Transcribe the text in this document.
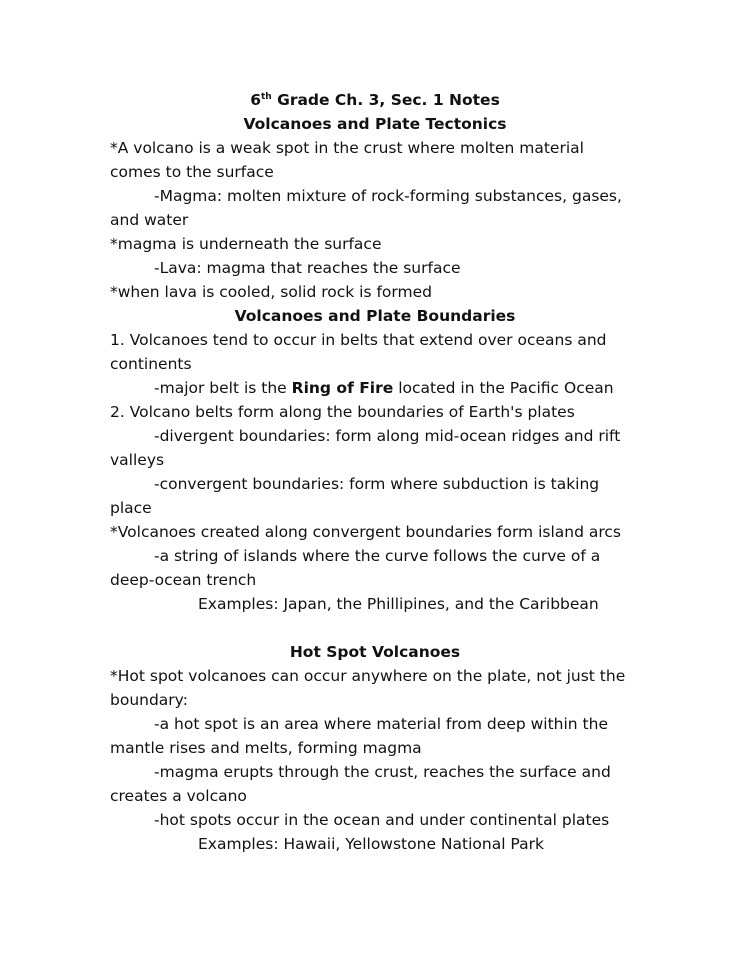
6th Grade Ch. 3, Sec. 1 Notes
Volcanoes and Plate Tectonics
*A volcano is a weak spot in the crust where molten material
comes to the surface
-Magma: molten mixture of rock-forming substances, gases,
and water
*magma is underneath the surface
-Lava: magma that reaches the surface
*when lava is cooled, solid rock is formed
Volcanoes and Plate Boundaries
1. Volcanoes tend to occur in belts that extend over oceans and
continents
-major belt is the Ring of Fire located in the Pacific Ocean
2. Volcano belts form along the boundaries of Earth's plates
-divergent boundaries: form along mid-ocean ridges and rift
valleys
-convergent boundaries: form where subduction is taking
place
*Volcanoes created along convergent boundaries form island arcs
-a string of islands where the curve follows the curve of a
deep-ocean trench
Examples: Japan, the Phillipines, and the Caribbean
Hot Spot Volcanoes
*Hot spot volcanoes can occur anywhere on the plate, not just the
boundary:
-a hot spot is an area where material from deep within the
mantle rises and melts, forming magma
-magma erupts through the crust, reaches the surface and
creates a volcano
-hot spots occur in the ocean and under continental plates
Examples: Hawaii, Yellowstone National Park
